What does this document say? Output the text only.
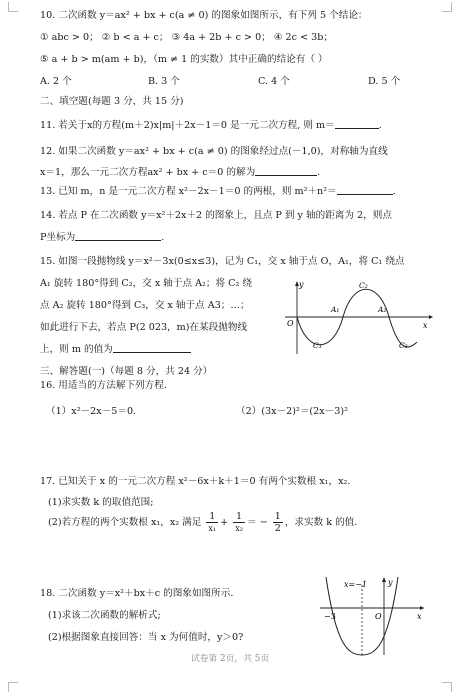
10. 二次函数 y＝ax² + bx + c(a ≠ 0) 的图象如图所示，有下列 5 个结论：
① abc > 0； ② b < a + c； ③ 4a + 2b + c > 0； ④ 2c < 3b；
⑤ a + b > m(am + b)，（m ≠ 1 的实数）其中正确的结论有（ ）
A. 2 个	B. 3 个	C. 4 个	D. 5 个
二、填空题(每题 3 分，共 15 分)
11. 若关于x的方程(m＋2)x|m|＋2x－1＝0 是一元二次方程, 则 m＝	.
12. 如果二次函数 y＝ax² + bx + c(a ≠ 0) 的图象经过点(－1,0)，对称轴为直线
x＝1，那么一元二次方程ax² + bx + c＝0 的解为	.
13. 已知 m，n 是一元二次方程 x²－2x－1＝0 的两根，则 m²＋n²＝	.
14. 若点 P 在二次函数 y＝x²＋2x＋2 的图象上，且点 P 到 y 轴的距离为 2，则点
P坐标为	.
15. 如图一段抛物线 y＝x²－3x(0≤x≤3)，记为 C₁，交 x 轴于点 O，A₁，将 C₁ 绕点
A₁ 旋转 180°得到 C₂，交 x 轴于点 A₂；将 C₂ 绕
点 A₂ 旋转 180°得到 C₃，交 x 轴于点 A3；…；
如此进行下去，若点 P(2 023，m)在某段抛物线
上，则 m 的值为
y
x
O
C₁
C₂
C₃
A₁	A₂
三、解答题(一)（每题 8 分，共 24 分）
16. 用适当的方法解下列方程.
（1）x²－2x－5＝0.	（2）(3x－2)²＝(2x－3)²
17. 已知关于 x 的一元二次方程 x²－6x＋k＋1＝0 有两个实数根 x₁，x₂.
(1)求实数 k 的取值范围;
(2)若方程的两个实数根 x₁，x₂ 满足
1
x₁
+
1
x₂
＝ − $\frac{1}{2}$ ，求实数 k 的值.
18. 二次函数 y＝x²＋bx＋c 的图象如图所示.
(1)求该二次函数的解析式;
(2)根据图象直接回答：当 x 为何值时，y＞0?
x=−1	y
x
O
−3
试卷第 2页，共 5页
